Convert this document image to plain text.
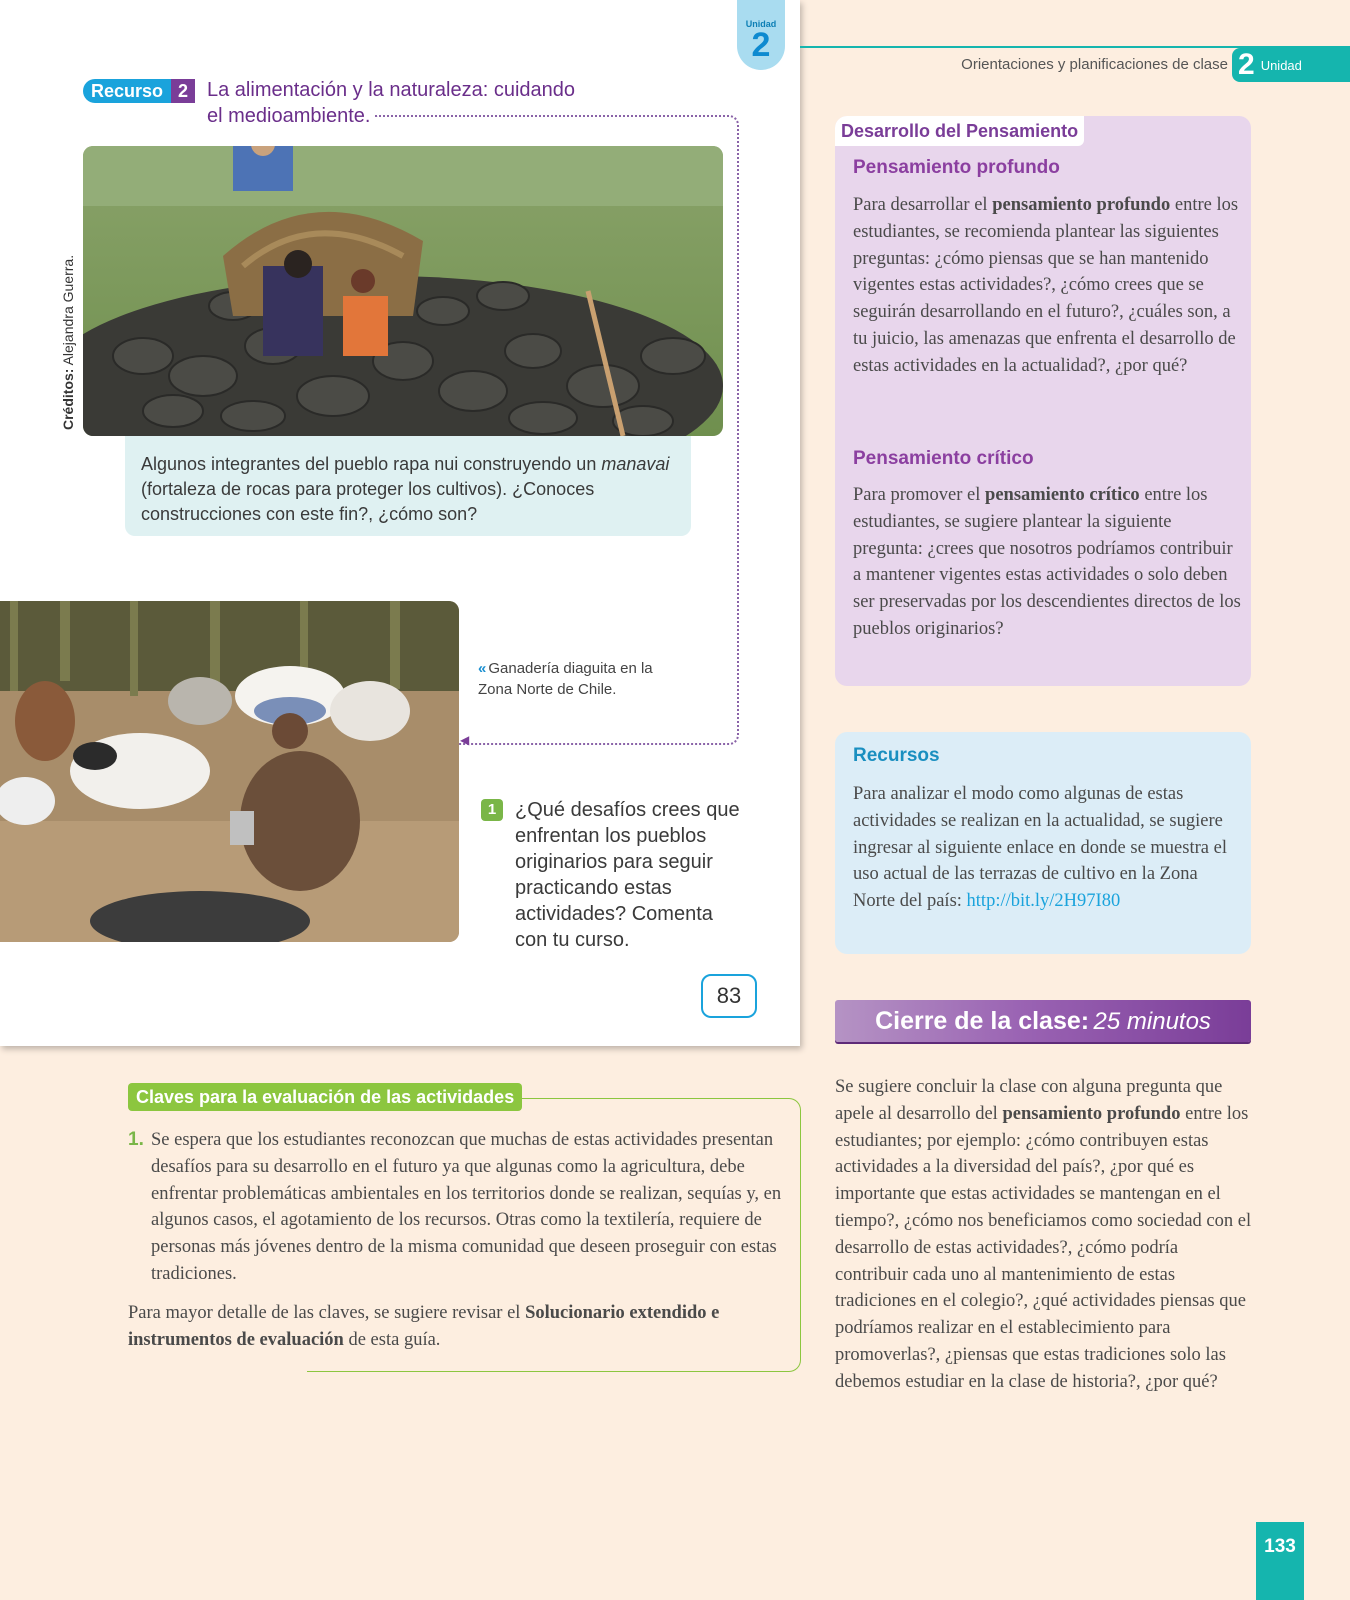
Unidad
2
Recurso 2 La alimentación y la naturaleza: cuidando el medioambiente.
◀
Créditos: Alejandra Guerra.
Algunos integrantes del pueblo rapa nui construyendo un manavai (fortaleza de rocas para proteger los cultivos). ¿Conoces construcciones con este fin?, ¿cómo son?
« Ganadería diaguita en la Zona Norte de Chile.
1 ¿Qué desafíos crees que enfrentan los pueblos originarios para seguir practicando estas actividades? Comenta con tu curso.
83
Orientaciones y planificaciones de clase 2 Unidad
Desarrollo del Pensamiento
Pensamiento profundo
Para desarrollar el pensamiento profundo entre los estudiantes, se recomienda plantear las siguientes preguntas: ¿cómo piensas que se han mantenido vigentes estas actividades?, ¿cómo crees que se seguirán desarrollando en el futuro?, ¿cuáles son, a tu juicio, las amenazas que enfrenta el desarrollo de estas actividades en la actualidad?, ¿por qué?
Pensamiento crítico
Para promover el pensamiento crítico entre los estudiantes, se sugiere plantear la siguiente pregunta: ¿crees que nosotros podríamos contribuir a mantener vigentes estas actividades o solo deben ser preservadas por los descendientes directos de los pueblos originarios?
Recursos
Para analizar el modo como algunas de estas actividades se realizan en la actualidad, se sugiere ingresar al siguiente enlace en donde se muestra el uso actual de las terrazas de cultivo en la Zona Norte del país: http://bit.ly/2H97I80
Cierre de la clase: 25 minutos
Se sugiere concluir la clase con alguna pregunta que apele al desarrollo del pensamiento profundo entre los estudiantes; por ejemplo: ¿cómo contribuyen estas actividades a la diversidad del país?, ¿por qué es importante que estas actividades se mantengan en el tiempo?, ¿cómo nos beneficiamos como sociedad con el desarrollo de estas actividades?, ¿cómo podría contribuir cada uno al mantenimiento de estas tradiciones en el colegio?, ¿qué actividades piensas que podríamos realizar en el establecimiento para promoverlas?, ¿piensas que estas tradiciones solo las debemos estudiar en la clase de historia?, ¿por qué?
Claves para la evaluación de las actividades
1. Se espera que los estudiantes reconozcan que muchas de estas actividades presentan desafíos para su desarrollo en el futuro ya que algunas como la agricultura, debe enfrentar problemáticas ambientales en los territorios donde se realizan, sequías y, en algunos casos, el agotamiento de los recursos. Otras como la textilería, requiere de personas más jóvenes dentro de la misma comunidad que deseen proseguir con estas tradiciones.
Para mayor detalle de las claves, se sugiere revisar el Solucionario extendido e instrumentos de evaluación de esta guía.
133
